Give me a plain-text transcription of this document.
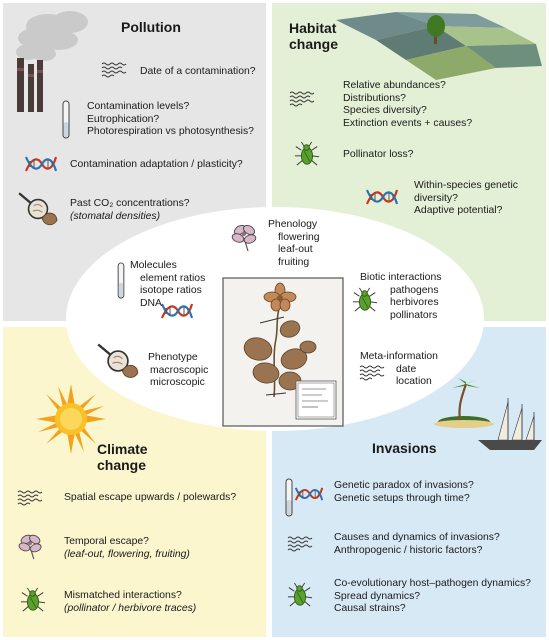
Pollution
Date of a contamination?
Contamination levels?
Eutrophication?
Photorespiration vs photosynthesis?
Contamination adaptation / plasticity?
Past CO₂ concentrations?
(stomatal densities)
Habitat
change
Relative abundances?
Distributions?
Species diversity?
Extinction events + causes?
Pollinator loss?
Within-species genetic
diversity?
Adaptive potential?
Climate
change
Spatial escape upwards / polewards?
Temporal escape?
(leaf-out, flowering, fruiting)
Mismatched interactions?
(pollinator / herbivore traces)
Invasions
Genetic paradox of invasions?
Genetic setups through time?
Causes and dynamics of invasions?
Anthropogenic / historic factors?
Co-evolutionary host–pathogen dynamics?
Spread dynamics?
Causal strains?
Phenology
flowering
leaf-out
fruiting
Molecules
element ratios
isotope ratios
DNA
Biotic interactions
pathogens
herbivores
pollinators
Phenotype
macroscopic
microscopic
Meta-information
date
location
